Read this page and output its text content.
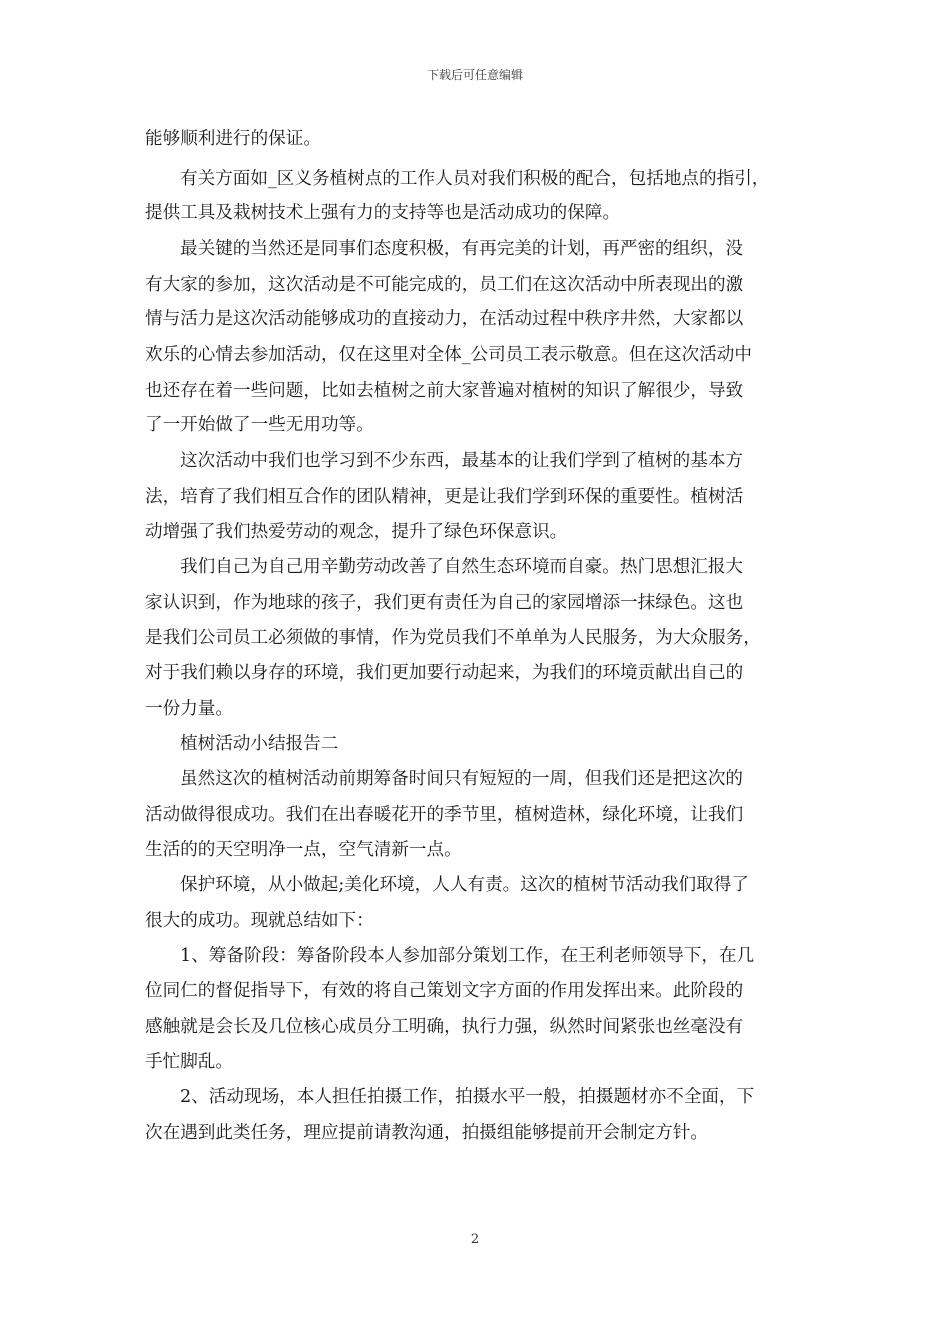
下载后可任意编辑
能够顺利进行的保证。
有关方面如_区义务植树点的工作人员对我们积极的配合，包括地点的指引，
提供工具及栽树技术上强有力的支持等也是活动成功的保障。
最关键的当然还是同事们态度积极，有再完美的计划，再严密的组织，没
有大家的参加，这次活动是不可能完成的，员工们在这次活动中所表现出的激
情与活力是这次活动能够成功的直接动力，在活动过程中秩序井然，大家都以
欢乐的心情去参加活动，仅在这里对全体_公司员工表示敬意。但在这次活动中
也还存在着一些问题，比如去植树之前大家普遍对植树的知识了解很少，导致
了一开始做了一些无用功等。
这次活动中我们也学习到不少东西，最基本的让我们学到了植树的基本方
法，培育了我们相互合作的团队精神，更是让我们学到环保的重要性。植树活
动增强了我们热爱劳动的观念，提升了绿色环保意识。
我们自己为自己用辛勤劳动改善了自然生态环境而自豪。热门思想汇报大
家认识到，作为地球的孩子，我们更有责任为自己的家园增添一抹绿色。这也
是我们公司员工必须做的事情，作为党员我们不单单为人民服务，为大众服务，
对于我们赖以身存的环境，我们更加要行动起来，为我们的环境贡献出自己的
一份力量。
植树活动小结报告二
虽然这次的植树活动前期筹备时间只有短短的一周，但我们还是把这次的
活动做得很成功。我们在出春暖花开的季节里，植树造林，绿化环境，让我们
生活的的天空明净一点，空气清新一点。
保护环境，从小做起;美化环境，人人有责。这次的植树节活动我们取得了
很大的成功。现就总结如下：
1、筹备阶段：筹备阶段本人参加部分策划工作，在王利老师领导下，在几
位同仁的督促指导下，有效的将自己策划文字方面的作用发挥出来。此阶段的
感触就是会长及几位核心成员分工明确，执行力强，纵然时间紧张也丝毫没有
手忙脚乱。
2、活动现场，本人担任拍摄工作，拍摄水平一般，拍摄题材亦不全面，下
次在遇到此类任务，理应提前请教沟通，拍摄组能够提前开会制定方针。
2
